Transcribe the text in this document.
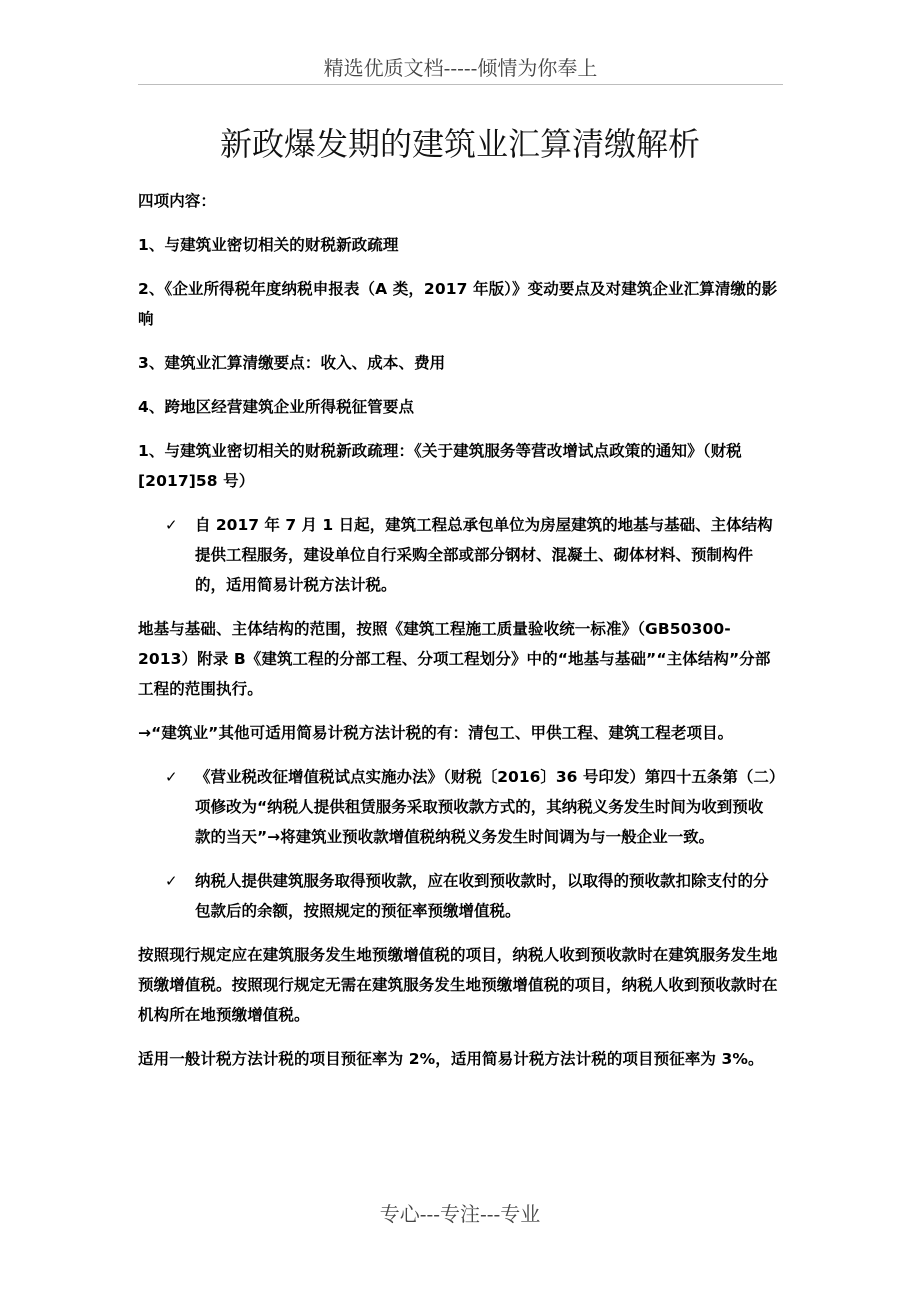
精选优质文档-----倾情为你奉上
新政爆发期的建筑业汇算清缴解析
四项内容：
1、与建筑业密切相关的财税新政疏理
2、《企业所得税年度纳税申报表（A 类，2017 年版）》变动要点及对建筑企业汇算清缴的影响
3、建筑业汇算清缴要点：收入、成本、费用
4、跨地区经营建筑企业所得税征管要点
1、与建筑业密切相关的财税新政疏理：《关于建筑服务等营改增试点政策的通知》（财税[2017]58 号）
✓ 自 2017 年 7 月 1 日起，建筑工程总承包单位为房屋建筑的地基与基础、主体结构提供工程服务，建设单位自行采购全部或部分钢材、混凝土、砌体材料、预制构件的，适用简易计税方法计税。
地基与基础、主体结构的范围，按照《建筑工程施工质量验收统一标准》（GB50300-2013）附录 B《建筑工程的分部工程、分项工程划分》中的“地基与基础”“主体结构”分部工程的范围执行。
→“建筑业”其他可适用简易计税方法计税的有：清包工、甲供工程、建筑工程老项目。
✓ 《营业税改征增值税试点实施办法》（财税〔2016〕36 号印发）第四十五条第（二）项修改为“纳税人提供租赁服务采取预收款方式的，其纳税义务发生时间为收到预收款的当天”→将建筑业预收款增值税纳税义务发生时间调为与一般企业一致。
✓ 纳税人提供建筑服务取得预收款，应在收到预收款时，以取得的预收款扣除支付的分包款后的余额，按照规定的预征率预缴增值税。
按照现行规定应在建筑服务发生地预缴增值税的项目，纳税人收到预收款时在建筑服务发生地预缴增值税。按照现行规定无需在建筑服务发生地预缴增值税的项目，纳税人收到预收款时在机构所在地预缴增值税。
适用一般计税方法计税的项目预征率为 2%，适用简易计税方法计税的项目预征率为 3%。
专心---专注---专业
